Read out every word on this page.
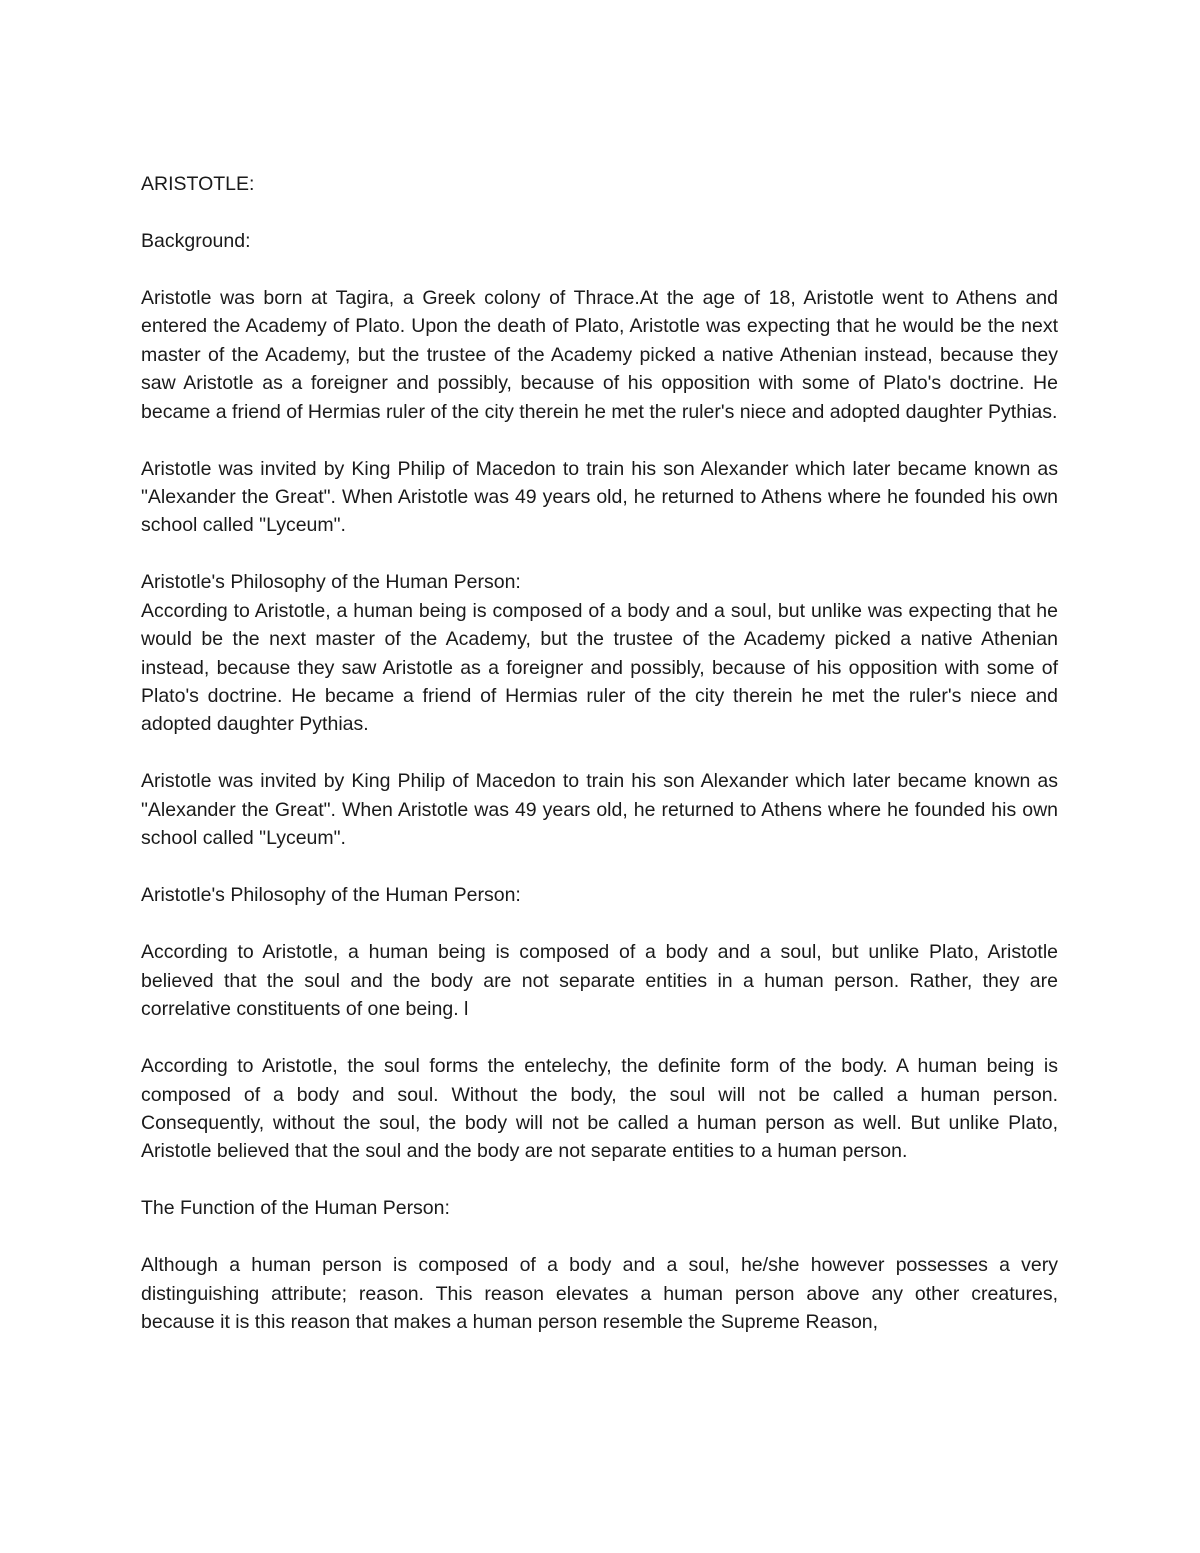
ARISTOTLE:

Background:

Aristotle was born at Tagira, a Greek colony of Thrace.At the age of 18, Aristotle went to Athens and entered the Academy of Plato. Upon the death of Plato, Aristotle was expecting that he would be the next master of the Academy, but the trustee of the Academy picked a native Athenian instead, because they saw Aristotle as a foreigner and possibly, because of his opposition with some of Plato's doctrine. He became a friend of Hermias ruler of the city therein he met the ruler's niece and adopted daughter Pythias.

Aristotle was invited by King Philip of Macedon to train his son Alexander which later became known as "Alexander the Great". When Aristotle was 49 years old, he returned to Athens where he founded his own school called "Lyceum".

Aristotle's Philosophy of the Human Person:

According to Aristotle, a human being is composed of a body and a soul, but unlike was expecting that he would be the next master of the Academy, but the trustee of the Academy picked a native Athenian instead, because they saw Aristotle as a foreigner and possibly, because of his opposition with some of Plato's doctrine. He became a friend of Hermias ruler of the city therein he met the ruler's niece and adopted daughter Pythias.

Aristotle was invited by King Philip of Macedon to train his son Alexander which later became known as "Alexander the Great". When Aristotle was 49 years old, he returned to Athens where he founded his own school called "Lyceum".

Aristotle's Philosophy of the Human Person:

According to Aristotle, a human being is composed of a body and a soul, but unlike Plato, Aristotle believed that the soul and the body are not separate entities in a human person. Rather, they are correlative constituents of one being. l

According to Aristotle, the soul forms the entelechy, the definite form of the body. A human being is composed of a body and soul. Without the body, the soul will not be called a human person. Consequently, without the soul, the body will not be called a human person as well. But unlike Plato, Aristotle believed that the soul and the body are not separate entities to a human person.

The Function of the Human Person:

Although a human person is composed of a body and a soul, he/she however possesses a very distinguishing attribute; reason. This reason elevates a human person above any other creatures, because it is this reason that makes a human person resemble the Supreme Reason,
